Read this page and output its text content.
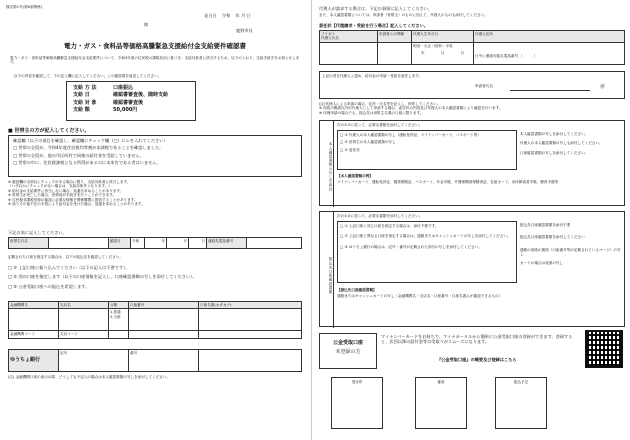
様式第1号(第6条関係)
発日日 令和 年 月 日
様
鹿野市長
電力・ガス・食料品等価格高騰緊急支援給付金支給要件確認書
電力・ガス・食料品等価格高騰緊急支援給付金支給要件について、令和4年度の住民税の課税状況に基づき、支給対象者に該当するため、以下のとおり、支給手続きをお知らせします。
以下の内容を確認して、下の記入欄に記入してください。この確認書を返送してください。
支給 方 法	口座振込
支給 日	確認書審査後、随時支給
支給 対 象	確認書審査後
支給 額	50,000円
■ 世帯主の方が記入してください。
確認欄（以下の項目を確認し、確認欄にチェック欄（□）にレを入れてください）
□ 世帯の全員が、令和4年度住民税均等割が非課税であることを確認しました。
□ 世帯の全員が、他の市区町村で同様の給付金を受給していません。
□ 世帯の中に、住民税課税となる所得があるのに未申告である者はいません。
※ 確認欄の全項目にチェックがある場合に限り、支給対象者に該当します。
（いずれかにチェックがない場合は、支給対象外となります。）
※ 給付金の支給要件に該当しない場合、返還を求めることがあります。
※ 世帯主が死亡した場合、世帯員が手続きを行うことができます。
※ 住民税非課税世帯の確認に必要な情報を関係機関に提供することがあります。
※ 偽りその他不正の手段により給付金を受けた場合、返還を求めることがあります。
下記の表に記入してください。
世帯主氏名		確認日	令和	年	月	日	連絡先電話番号	
記載された口座を指定する場合は、以下の振込先を確認してください。
□ ① 上記口座に振り込んでください（以下の記入は不要です）。
□ ② 別の口座を指定します（以下の口座情報を記入し、口座確認書類の写しを添付してください）。
□ ③ 公金受取口座への振込を希望します。
金融機関名	支店名	分類	口座番号	口座名義(カタカナ)

		1.普通
2.当座		

金融機関コード	支店コード			
ゆうちょ銀行	記号	番号	
(注) 金融機関口座の表示の際、どうしても不記入の場合は本人確認書類の写しを添付してください。
代理人が請求する場合は、下記の事項に記入してください。
また、本人確認書類については、申請者（世帯主）のものに加えて、代理人のものも添付してください。
委任状【代理請求・受給を行う場合】記入してください。
フリガナ
代理人氏名	申請者との関係	代理人生年月日	代理人住所

		明治・大正・昭和・平成
年 月 日	日中に連絡可能な電話番号 （　　　）
上記の者を代理人と認め、給付金の申請・受給を委任します。
申請者氏名	㊞
(注)代理人による申請の場合、住所・氏名等を記入し、押印してください。
※ 同居の親族以外が代理人として申請する場合、委任状の内容及び代理人の本人確認書類により確認を行います。
※ 代理申請の場合でも、振込先は世帯主名義の口座に限ります。
本人確認書類の写しを添付
次の①②に従って、必要な書類を添付してください。
□ ① 代理人の本人確認書類の写し（運転免許証、マイナンバーカード、パスポート等）
□ ② 世帯主の本人確認書類の写し
□ ③ 委任状
本人確認書類の写しを添付してください。
代理人の本人確認書類の写しも添付してください。
口座確認書類の写しを添付してください。
【本人確認書類の例】
マイナンバーカード、運転免許証、健康保険証、パスポート、年金手帳、介護保険被保険者証、在留カード、身体障害者手帳、療育手帳等
振込先口座確認書類
次の①②に従って、必要な書類を添付してください。
□ ① 上記口座と同じ口座を指定する場合は、添付不要です。
□ ② 上記口座と異なる口座を指定する場合は、通帳またはキャッシュカードの写しを添付してください。
□ ③ ゆうちょ銀行の場合は、記号・番号が記載された部分の写しを添付してください。
振込先口座確認書類を添付不要
振込先口座確認書類を添付してください
通帳の表紙の裏面（口座番号等が記載されているページ）の写し
カードの場合は表面の写し
【振込先口座確認書類】
通帳またはキャッシュカードの写し（金融機関名・支店名・口座番号・口座名義人が確認できるもの）
公金受取口座
未登録の方
マイナンバーカードをお持ちで、マイナポータルから簡単に公金受取口座の登録ができます。登録すると、次回以降の給付金等の受取りがスムーズになります。
『公金受取口座』の概要及び登録はこちら
受付印	審査	振込予定
